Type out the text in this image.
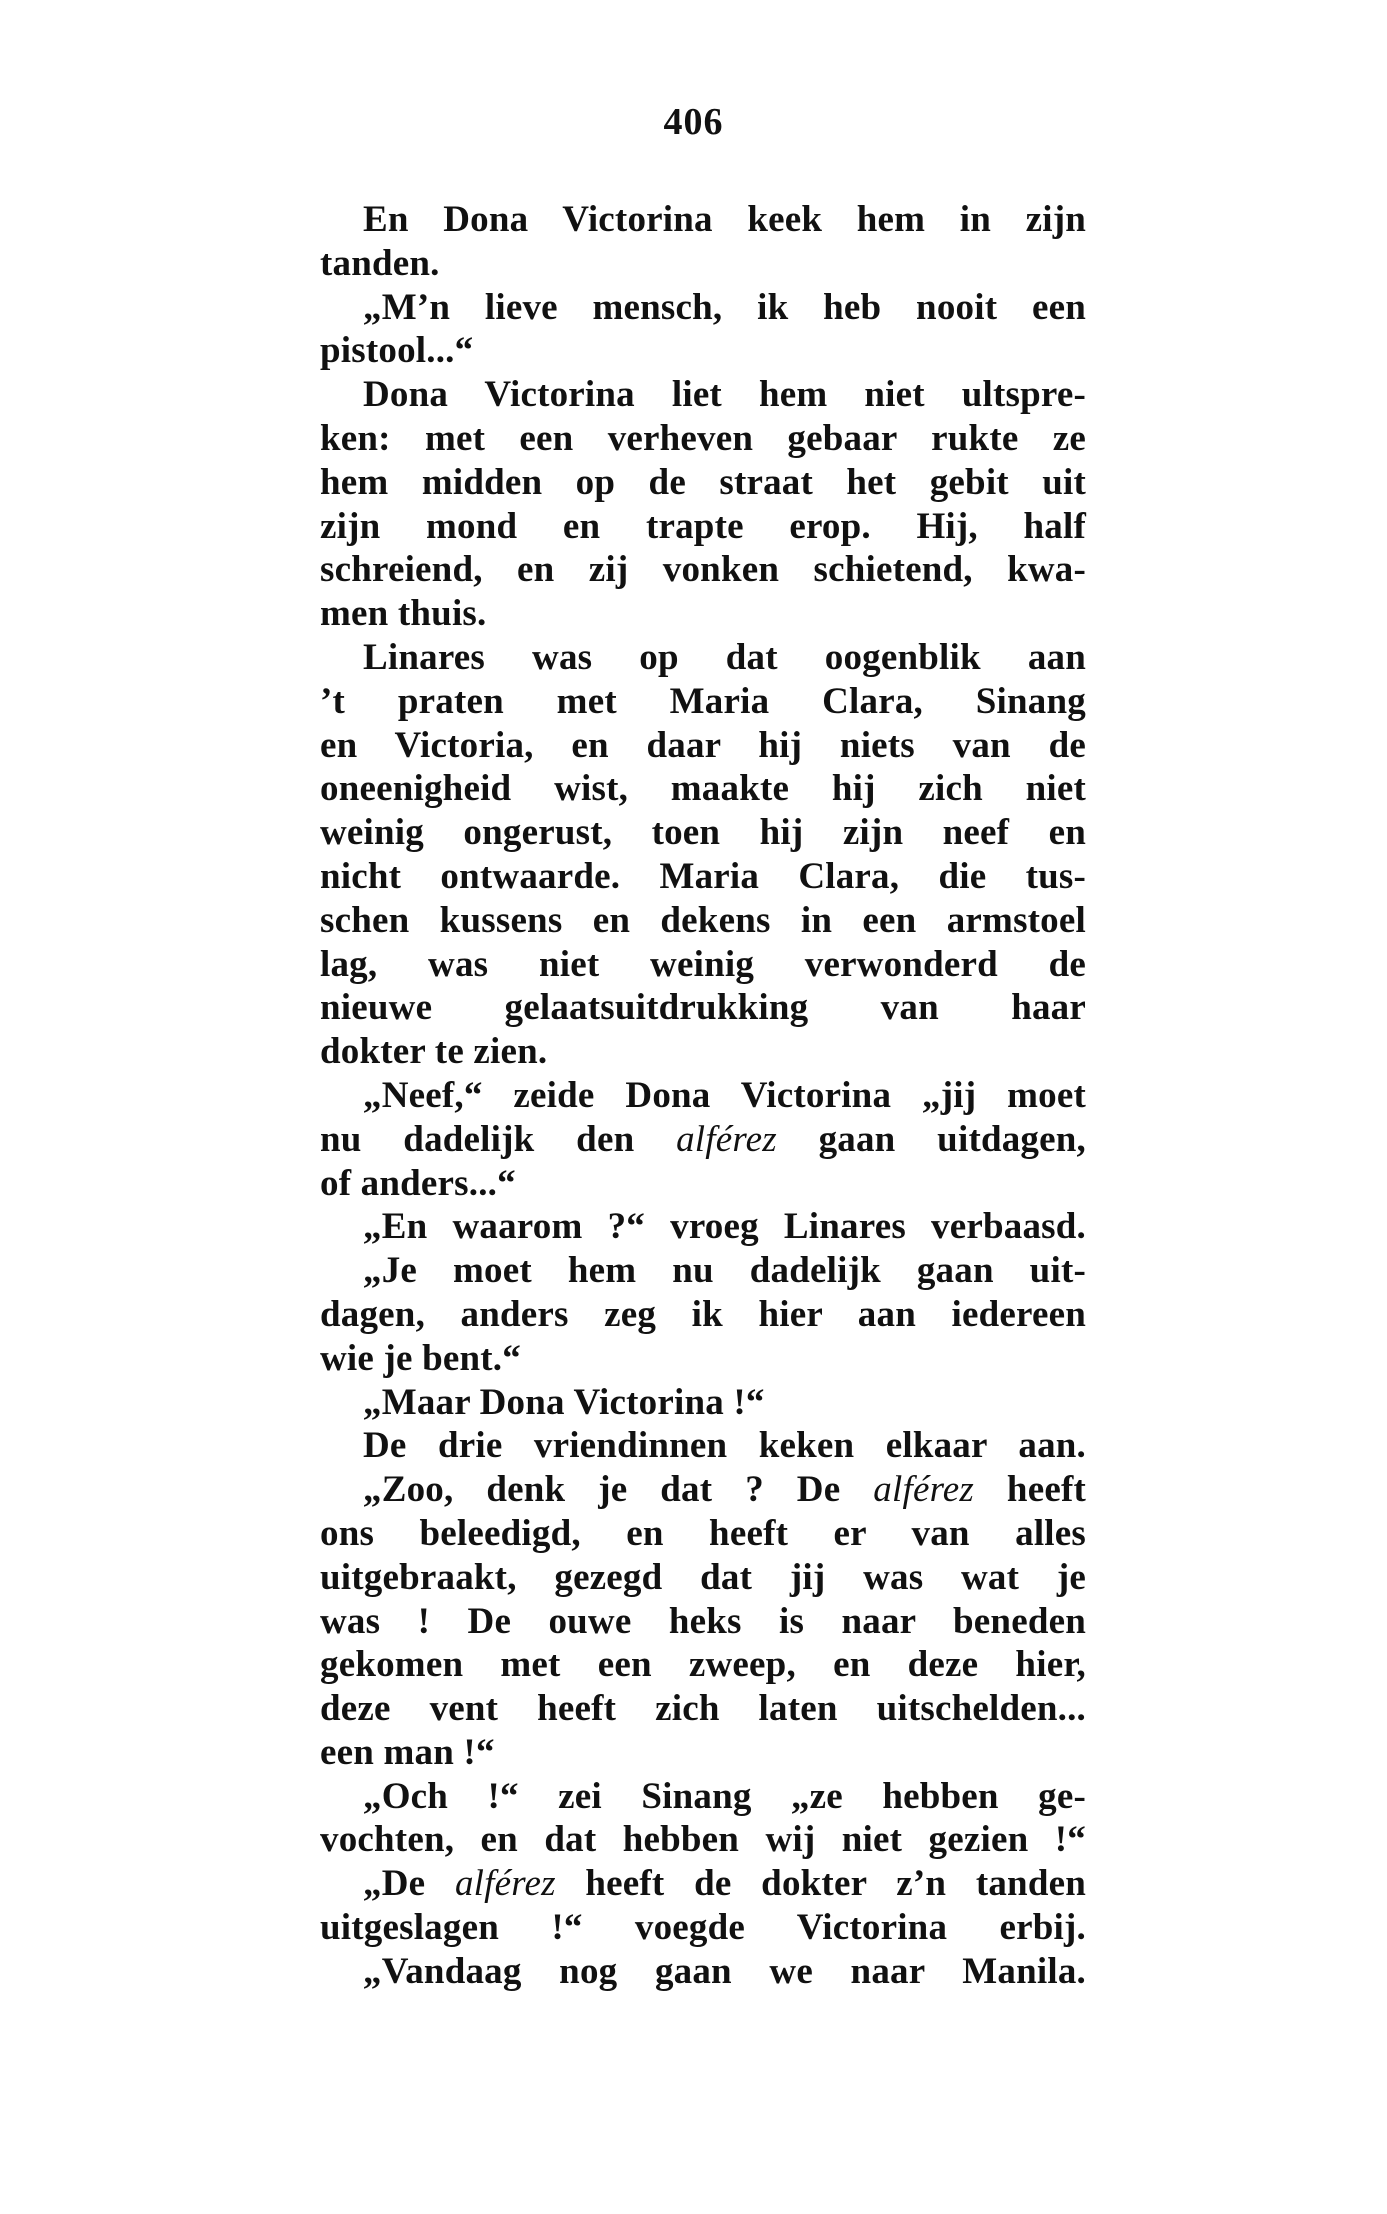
406
En Dona Victorina keek hem in zijn
tanden.
„M’n lieve mensch, ik heb nooit een
pistool...“
Dona Victorina liet hem niet ultspre-
ken: met een verheven gebaar rukte ze
hem midden op de straat het gebit uit
zijn mond en trapte erop. Hij, half
schreiend, en zij vonken schietend, kwa-
men thuis.
Linares was op dat oogenblik aan
’t praten met Maria Clara, Sinang
en Victoria, en daar hij niets van de
oneenigheid wist, maakte hij zich niet
weinig ongerust, toen hij zijn neef en
nicht ontwaarde. Maria Clara, die tus-
schen kussens en dekens in een armstoel
lag, was niet weinig verwonderd de
nieuwe gelaatsuitdrukking van haar
dokter te zien.
„Neef,“ zeide Dona Victorina „jij moet
nu dadelijk den alférez gaan uitdagen,
of anders...“
„En waarom ?“ vroeg Linares verbaasd.
„Je moet hem nu dadelijk gaan uit-
dagen, anders zeg ik hier aan iedereen
wie je bent.“
„Maar Dona Victorina !“
De drie vriendinnen keken elkaar aan.
„Zoo, denk je dat ? De alférez heeft
ons beleedigd, en heeft er van alles
uitgebraakt, gezegd dat jij was wat je
was ! De ouwe heks is naar beneden
gekomen met een zweep, en deze hier,
deze vent heeft zich laten uitschelden...
een man !“
„Och !“ zei Sinang „ze hebben ge-
vochten, en dat hebben wij niet gezien !“
„De alférez heeft de dokter z’n tanden
uitgeslagen !“ voegde Victorina erbij.
„Vandaag nog gaan we naar Manila.
